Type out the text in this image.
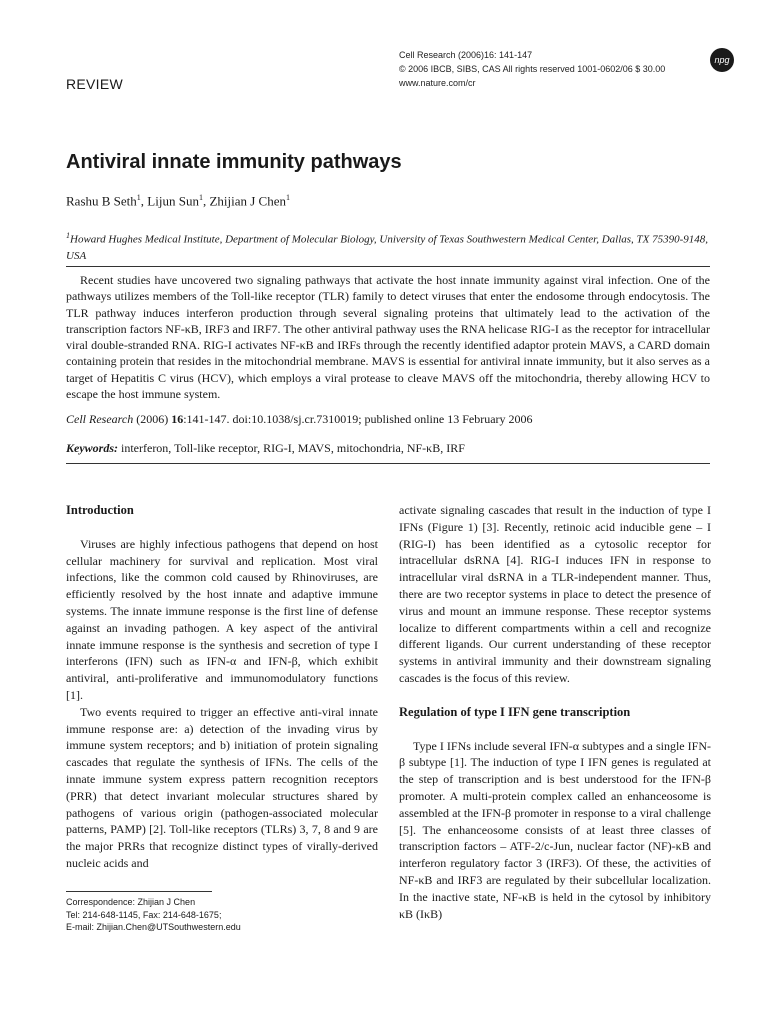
Cell Research (2006)16: 141-147
© 2006 IBCB, SIBS, CAS All rights reserved 1001-0602/06 $ 30.00
www.nature.com/cr
npg
REVIEW
Antiviral innate immunity pathways
Rashu B Seth$^1$, Lijun Sun$^1$, Zhijian J Chen$^1$
$^1$Howard Hughes Medical Institute, Department of Molecular Biology, University of Texas Southwestern Medical Center, Dallas, TX 75390-9148, USA
Recent studies have uncovered two signaling pathways that activate the host innate immunity against viral infection. One of the pathways utilizes members of the Toll-like receptor (TLR) family to detect viruses that enter the endosome through endocytosis. The TLR pathway induces interferon production through several signaling proteins that ultimately lead to the activation of the transcription factors NF-κB, IRF3 and IRF7. The other antiviral pathway uses the RNA helicase RIG-I as the receptor for intracellular viral double-stranded RNA. RIG-I activates NF-κB and IRFs through the recently identified adaptor protein MAVS, a CARD domain containing protein that resides in the mitochondrial membrane. MAVS is essential for antiviral innate immunity, but it also serves as a target of Hepatitis C virus (HCV), which employs a viral protease to cleave MAVS off the mitochondria, thereby allowing HCV to escape the host immune system.
Cell Research (2006) 16:141-147. doi:10.1038/sj.cr.7310019; published online 13 February 2006
Keywords: interferon, Toll-like receptor, RIG-I, MAVS, mitochondria, NF-κB, IRF
Introduction

Viruses are highly infectious pathogens that depend on host cellular machinery for survival and replication. Most viral infections, like the common cold caused by Rhinoviruses, are efficiently resolved by the host innate and adaptive immune systems. The innate immune response is the first line of defense against an invading pathogen. A key aspect of the antiviral innate immune response is the synthesis and secretion of type I interferons (IFN) such as IFN-α and IFN-β, which exhibit antiviral, anti-proliferative and immunomodulatory functions [1].

Two events required to trigger an effective anti-viral innate immune response are: a) detection of the invading virus by immune system receptors; and b) initiation of protein signaling cascades that regulate the synthesis of IFNs. The cells of the innate immune system express pattern recognition receptors (PRR) that detect invariant molecular structures shared by pathogens of various origin (pathogen-associated molecular patterns, PAMP) [2]. Toll-like receptors (TLRs) 3, 7, 8 and 9 are the major PRRs that recognize distinct types of virally-derived nucleic acids and

activate signaling cascades that result in the induction of type I IFNs (Figure 1) [3]. Recently, retinoic acid inducible gene – I (RIG-I) has been identified as a cytosolic receptor for intracellular dsRNA [4]. RIG-I induces IFN in response to intracellular viral dsRNA in a TLR-independent manner. Thus, there are two receptor systems in place to detect the presence of virus and mount an immune response. These receptor systems localize to different compartments within a cell and recognize different ligands. Our current understanding of these receptor systems in antiviral immunity and their downstream signaling cascades is the focus of this review.

Regulation of type I IFN gene transcription

Type I IFNs include several IFN-α subtypes and a single IFN-β subtype [1]. The induction of type I IFN genes is regulated at the step of transcription and is best understood for the IFN-β promoter. A multi-protein complex called an enhanceosome is assembled at the IFN-β promoter in response to a viral challenge [5]. The enhanceosome consists of at least three classes of transcription factors – ATF-2/c-Jun, nuclear factor (NF)-κB and interferon regulatory factor 3 (IRF3). Of these, the activities of NF-κB and IRF3 are regulated by their subcellular localization. In the inactive state, NF-κB is held in the cytosol by inhibitory κB (IκB)

Correspondence: Zhijian J Chen
Tel: 214-648-1145, Fax: 214-648-1675;
E-mail: Zhijian.Chen@UTSouthwestern.edu
